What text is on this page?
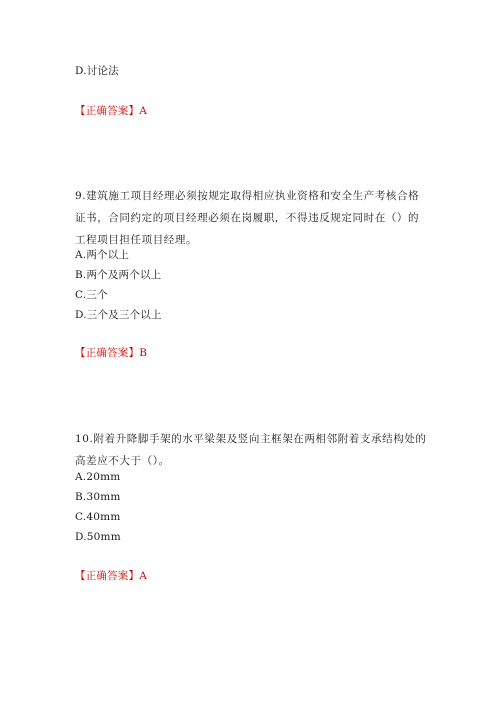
D.讨论法
【正确答案】A
9.建筑施工项目经理必须按规定取得相应执业资格和安全生产考核合格证书，合同约定的项目经理必须在岗履职，不得违反规定同时在（）的工程项目担任项目经理。
A.两个以上
B.两个及两个以上
C.三个
D.三个及三个以上
【正确答案】B
10.附着升降脚手架的水平梁架及竖向主框架在两相邻附着支承结构处的高差应不大于（）。
A.20mm
B.30mm
C.40mm
D.50mm
【正确答案】A
